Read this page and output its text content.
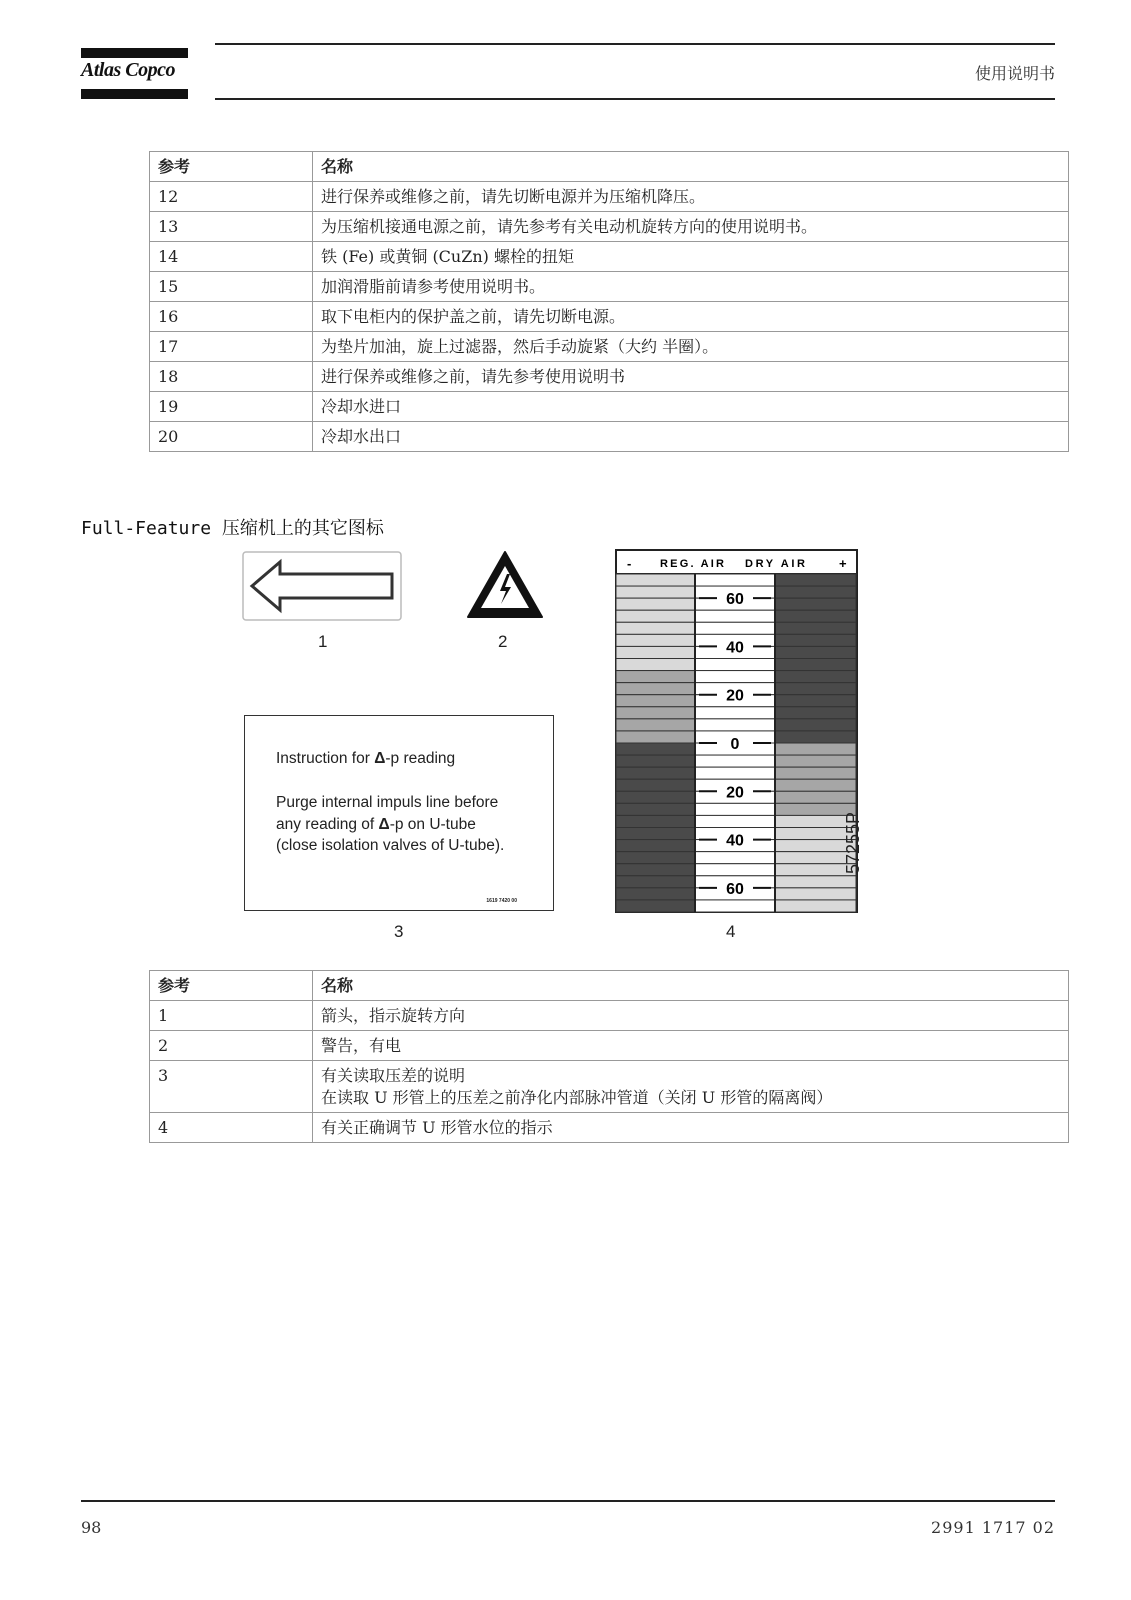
Atlas Copco	使用说明书
参考	名称
12	进行保养或维修之前，请先切断电源并为压缩机降压。
13	为压缩机接通电源之前，请先参考有关电动机旋转方向的使用说明书。
14	铁 (Fe) 或黄铜 (CuZn) 螺栓的扭矩
15	加润滑脂前请参考使用说明书。
16	取下电柜内的保护盖之前，请先切断电源。
17	为垫片加油，旋上过滤器，然后手动旋紧（大约 半圈）。
18	进行保养或维修之前，请先参考使用说明书
19	冷却水进口
20	冷却水出口
Full-Feature 压缩机上的其它图标
1	2
Instruction for Δ-p reading
Purge internal impuls line before
any reading of Δ-p on U-tube
(close isolation valves of U-tube).
1619 7420 00
3
-	REG. AIR DRY AIR	+
60
40
20
0
20
40
60
57255P
4
参考	名称
1	箭头，指示旋转方向
2	警告，有电
3	有关读取压差的说明
在读取 U 形管上的压差之前净化内部脉冲管道（关闭 U 形管的隔离阀）

4	有关正确调节 U 形管水位的指示
98	2991 1717 02
